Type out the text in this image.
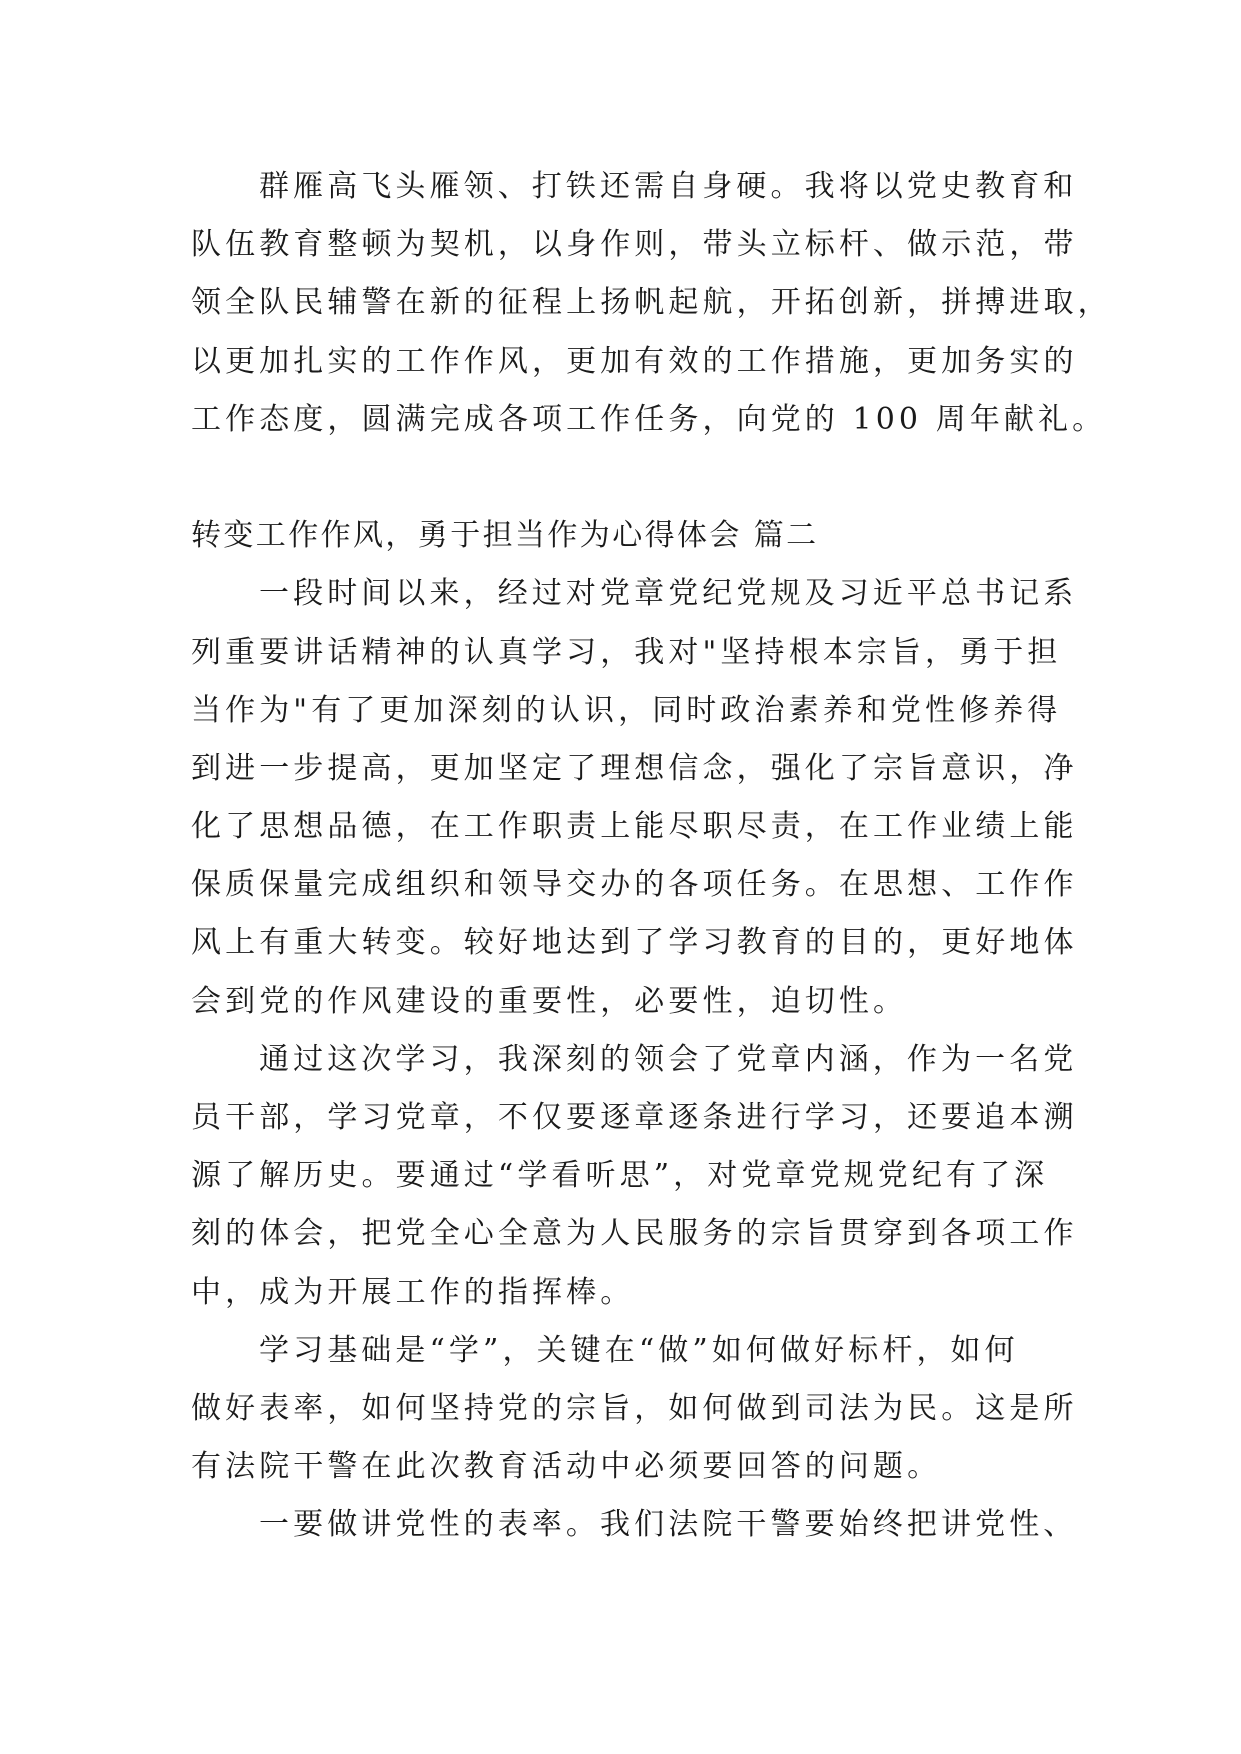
群雁高飞头雁领、打铁还需自身硬。我将以党史教育和
队伍教育整顿为契机，以身作则，带头立标杆、做示范，带
领全队民辅警在新的征程上扬帆起航，开拓创新，拼搏进取，
以更加扎实的工作作风，更加有效的工作措施，更加务实的
工作态度，圆满完成各项工作任务，向党的 100 周年献礼。
转变工作作风，勇于担当作为心得体会 篇二
一段时间以来，经过对党章党纪党规及习近平总书记系
列重要讲话精神的认真学习，我对"坚持根本宗旨，勇于担
当作为"有了更加深刻的认识，同时政治素养和党性修养得
到进一步提高，更加坚定了理想信念，强化了宗旨意识，净
化了思想品德，在工作职责上能尽职尽责，在工作业绩上能
保质保量完成组织和领导交办的各项任务。在思想、工作作
风上有重大转变。较好地达到了学习教育的目的，更好地体
会到党的作风建设的重要性，必要性，迫切性。
通过这次学习，我深刻的领会了党章内涵，作为一名党
员干部，学习党章，不仅要逐章逐条进行学习，还要追本溯
源了解历史。要通过“学看听思”，对党章党规党纪有了深
刻的体会，把党全心全意为人民服务的宗旨贯穿到各项工作
中，成为开展工作的指挥棒。
学习基础是“学”，关键在“做”如何做好标杆，如何
做好表率，如何坚持党的宗旨，如何做到司法为民。这是所
有法院干警在此次教育活动中必须要回答的问题。
一要做讲党性的表率。我们法院干警要始终把讲党性、
